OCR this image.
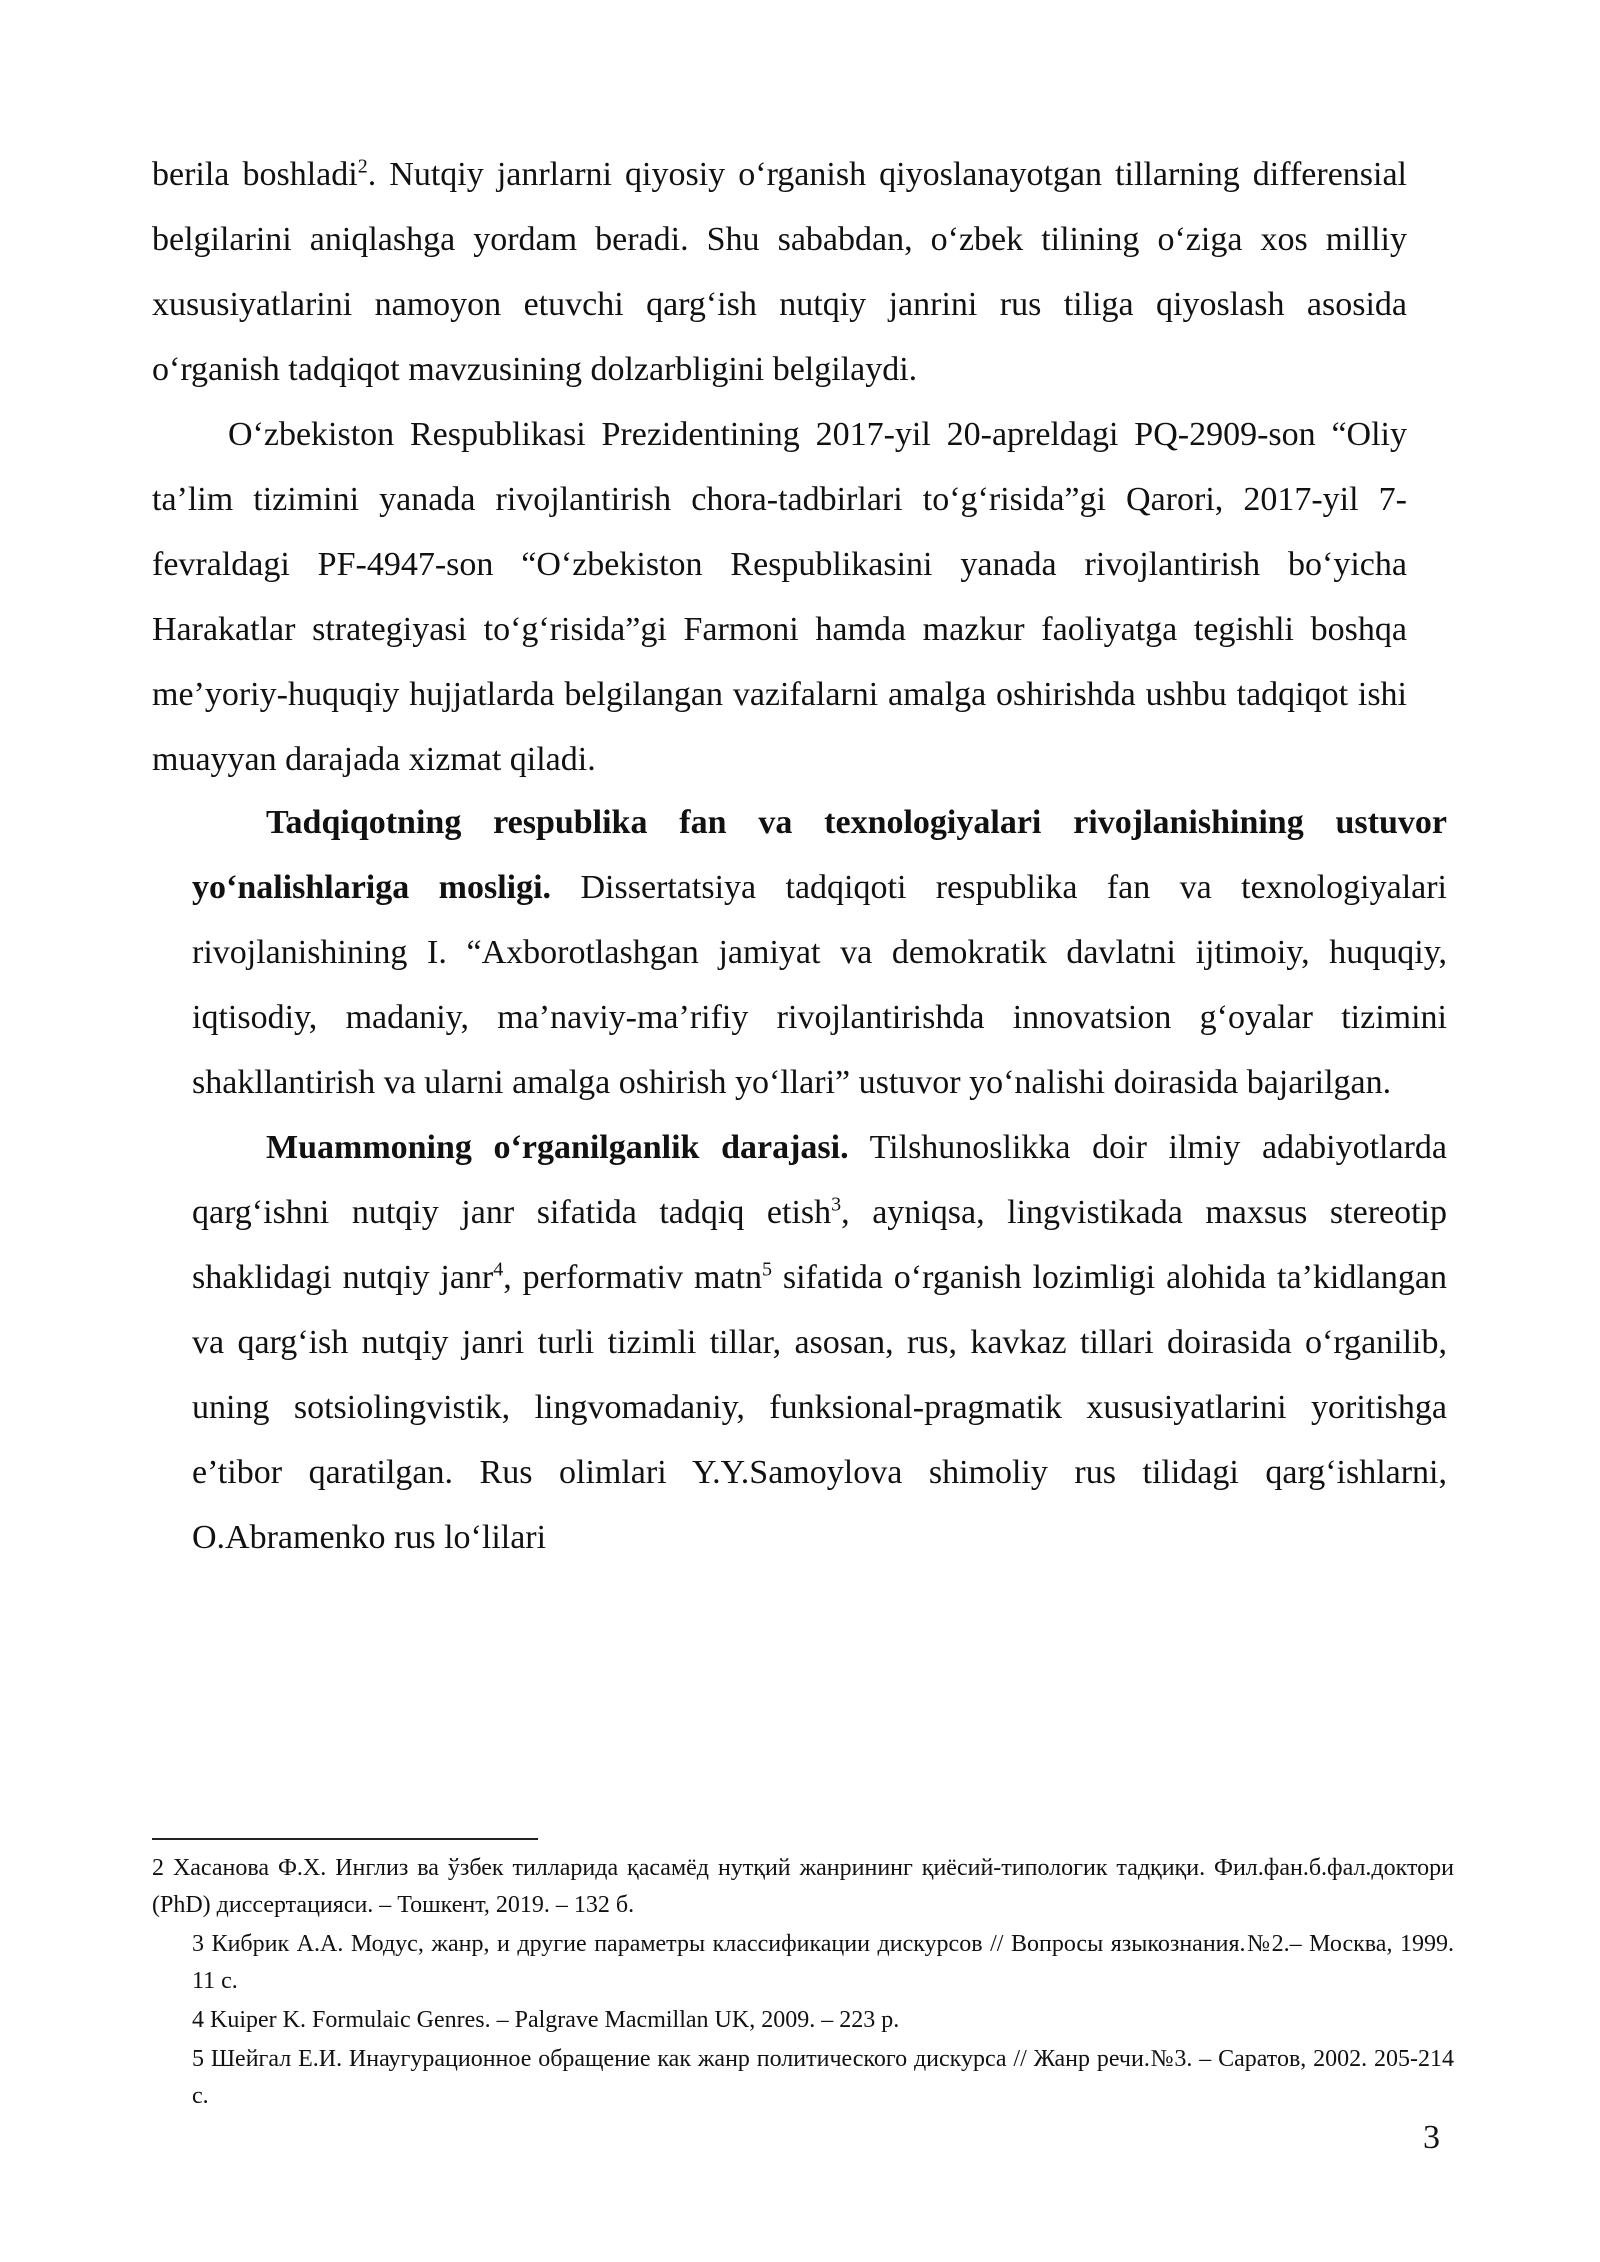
berila boshladi$^2$. Nutqiy janrlarni qiyosiy o‘rganish qiyoslanayotgan tillarning differensial belgilarini aniqlashga yordam beradi. Shu sababdan, o‘zbek tilining o‘ziga xos milliy xususiyatlarini namoyon etuvchi qarg‘ish nutqiy janrini rus tiliga qiyoslash asosida o‘rganish tadqiqot mavzusining dolzarbligini belgilaydi.

O‘zbekiston Respublikasi Prezidentining 2017-yil 20-apreldagi PQ-2909-son “Oliy ta’lim tizimini yanada rivojlantirish chora-tadbirlari to‘g‘risida”gi Qarori, 2017-yil 7-fevraldagi PF-4947-son “O‘zbekiston Respublikasini yanada rivojlantirish bo‘yicha Harakatlar strategiyasi to‘g‘risida”gi Farmoni hamda mazkur faoliyatga tegishli boshqa me’yoriy-huquqiy hujjatlarda belgilangan vazifalarni amalga oshirishda ushbu tadqiqot ishi muayyan darajada xizmat qiladi.

Tadqiqotning respublika fan va texnologiyalari rivojlanishining ustuvor yo‘nalishlariga mosligi. Dissertatsiya tadqiqoti respublika fan va texnologiyalari rivojlanishining I. “Axborotlashgan jamiyat va demokratik davlatni ijtimoiy, huquqiy, iqtisodiy, madaniy, ma’naviy-ma’rifiy rivojlantirishda innovatsion g‘oyalar tizimini shakllantirish va ularni amalga oshirish yo‘llari” ustuvor yo‘nalishi doirasida bajarilgan.

Muammoning o‘rganilganlik darajasi. Tilshunoslikka doir ilmiy adabiyotlarda qarg‘ishni nutqiy janr sifatida tadqiq etish$^3$, ayniqsa, lingvistikada maxsus stereotip shaklidagi nutqiy janr$^4$, performativ matn$^5$ sifatida o‘rganish lozimligi alohida ta’kidlangan va qarg‘ish nutqiy janri turli tizimli tillar, asosan, rus, kavkaz tillari doirasida o‘rganilib, uning sotsiolingvistik, lingvomadaniy, funksional-pragmatik xususiyatlarini yoritishga e’tibor qaratilgan. Rus olimlari Y.Y.Samoylova shimoliy rus tilidagi qarg‘ishlarni, O.Abramenko rus lo‘lilari

2 Хасанова Ф.Х. Инглиз ва ўзбек тилларида қасамёд нутқий жанрининг қиёсий-типологик тадқиқи. Фил.фан.б.фал.доктори (PhD) диссертацияси. – Тошкент, 2019. – 132 б.

3 Кибрик А.А. Модус, жанр, и другие параметры классификации дискурсов // Вопросы языкознания.№2.– Москва, 1999. 11 с.

4 Kuiper K. Formulaic Genres. – Palgrave Macmillan UK, 2009. – 223 p.

5 Шейгал Е.И. Инаугурационное обращение как жанр политического дискурса // Жанр речи.№3. – Саратов, 2002. 205-214 с.

3
